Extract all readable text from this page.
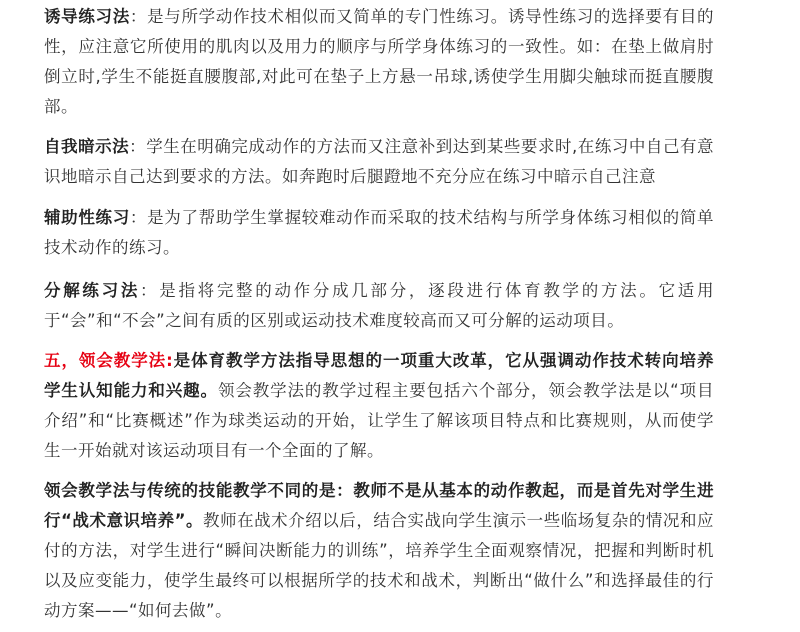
诱导练习法：是与所学动作技术相似而又简单的专门性练习。诱导性练习的选择要有目的性，应注意它所使用的肌肉以及用力的顺序与所学身体练习的一致性。如：在垫上做肩肘倒立时,学生不能挺直腰腹部,对此可在垫子上方悬一吊球,诱使学生用脚尖触球而挺直腰腹部。

自我暗示法：学生在明确完成动作的方法而又注意补到达到某些要求时,在练习中自己有意识地暗示自己达到要求的方法。如奔跑时后腿蹬地不充分应在练习中暗示自己注意

辅助性练习：是为了帮助学生掌握较难动作而采取的技术结构与所学身体练习相似的简单技术动作的练习。

分解练习法：是指将完整的动作分成几部分，逐段进行体育教学的方法。它适用于“会”和“不会”之间有质的区别或运动技术难度较高而又可分解的运动项目。

五，领会教学法:是体育教学方法指导思想的一项重大改革，它从强调动作技术转向培养学生认知能力和兴趣。领会教学法的教学过程主要包括六个部分，领会教学法是以“项目介绍”和“比赛概述”作为球类运动的开始，让学生了解该项目特点和比赛规则，从而使学生一开始就对该运动项目有一个全面的了解。

领会教学法与传统的技能教学不同的是：教师不是从基本的动作教起，而是首先对学生进行“战术意识培养”。教师在战术介绍以后，结合实战向学生演示一些临场复杂的情况和应付的方法，对学生进行“瞬间决断能力的训练”，培养学生全面观察情况，把握和判断时机以及应变能力，使学生最终可以根据所学的技术和战术，判断出“做什么”和选择最佳的行动方案——“如何去做”。
